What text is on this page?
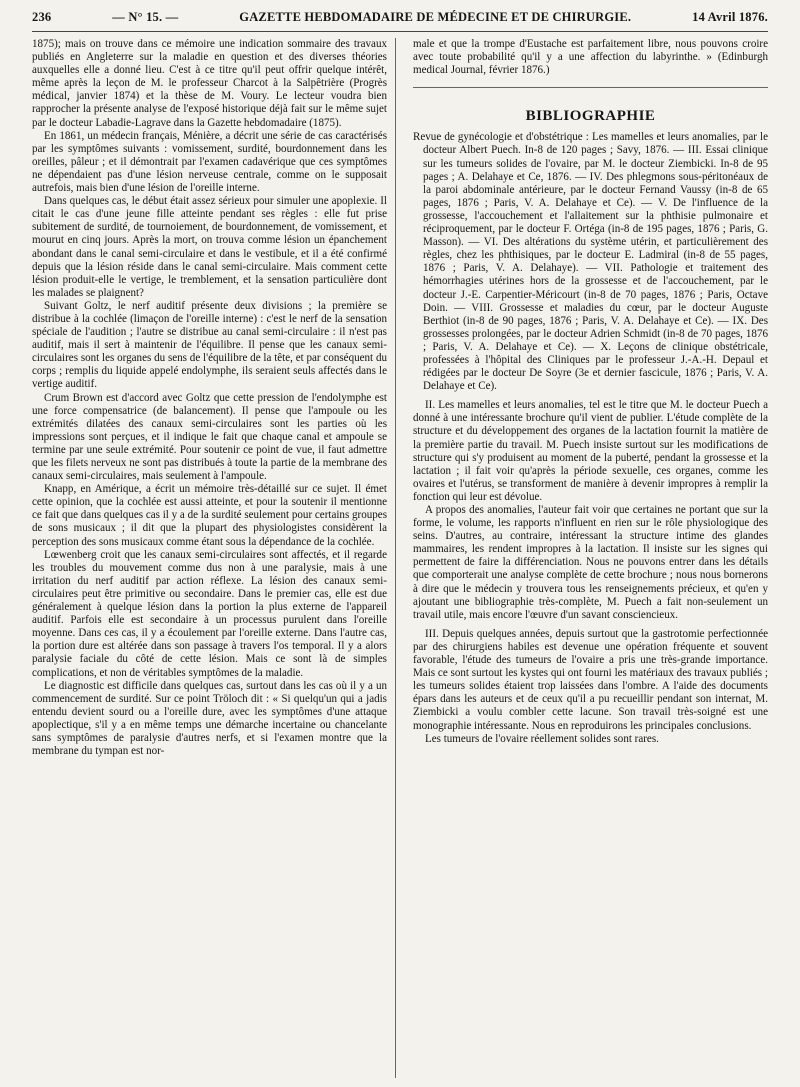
236	— N° 15. —	GAZETTE HEBDOMADAIRE DE MÉDECINE ET DE CHIRURGIE.	14 Avril 1876.

1875); mais on trouve dans ce mémoire une indication sommaire des travaux publiés en Angleterre sur la maladie en question et des diverses théories auxquelles elle a donné lieu. C'est à ce titre qu'il peut offrir quelque intérêt, même après la leçon de M. le professeur Charcot à la Salpêtrière (Progrès médical, janvier 1874) et la thèse de M. Voury. Le lecteur voudra bien rapprocher la présente analyse de l'exposé historique déjà fait sur le même sujet par le docteur Labadie-Lagrave dans la Gazette hebdomadaire (1875).

En 1861, un médecin français, Ménière, a décrit une série de cas caractérisés par les symptômes suivants : vomissement, surdité, bourdonnement dans les oreilles, pâleur ; et il démontrait par l'examen cadavérique que ces symptômes ne dépendaient pas d'une lésion nerveuse centrale, comme on le supposait autrefois, mais bien d'une lésion de l'oreille interne.

Dans quelques cas, le début était assez sérieux pour simuler une apoplexie. Il citait le cas d'une jeune fille atteinte pendant ses règles : elle fut prise subitement de surdité, de tournoiement, de bourdonnement, de vomissement, et mourut en cinq jours. Après la mort, on trouva comme lésion un épanchement abondant dans le canal semi-circulaire et dans le vestibule, et il a été confirmé depuis que la lésion réside dans le canal semi-circulaire. Mais comment cette lésion produit-elle le vertige, le tremblement, et la sensation particulière dont les malades se plaignent?

Suivant Goltz, le nerf auditif présente deux divisions ; la première se distribue à la cochlée (limaçon de l'oreille interne) : c'est le nerf de la sensation spéciale de l'audition ; l'autre se distribue au canal semi-circulaire : il n'est pas auditif, mais il sert à maintenir de l'équilibre. Il pense que les canaux semi-circulaires sont les organes du sens de l'équilibre de la tête, et par conséquent du corps ; remplis du liquide appelé endolymphe, ils seraient seuls affectés dans le vertige auditif.

Crum Brown est d'accord avec Goltz que cette pression de l'endolymphe est une force compensatrice (de balancement). Il pense que l'ampoule ou les extrémités dilatées des canaux semi-circulaires sont les parties où les impressions sont perçues, et il indique le fait que chaque canal et ampoule se termine par une seule extrémité. Pour soutenir ce point de vue, il faut admettre que les filets nerveux ne sont pas distribués à toute la partie de la membrane des canaux semi-circulaires, mais seulement à l'ampoule.

Knapp, en Amérique, a écrit un mémoire très-détaillé sur ce sujet. Il émet cette opinion, que la cochlée est aussi atteinte, et pour la soutenir il mentionne ce fait que dans quelques cas il y a de la surdité seulement pour certains groupes de sons musicaux ; il dit que la plupart des physiologistes considèrent la perception des sons musicaux comme étant sous la dépendance de la cochlée.

Lœwenberg croit que les canaux semi-circulaires sont affectés, et il regarde les troubles du mouvement comme dus non à une paralysie, mais à une irritation du nerf auditif par action réflexe. La lésion des canaux semi-circulaires peut être primitive ou secondaire. Dans le premier cas, elle est due généralement à quelque lésion dans la portion la plus externe de l'appareil auditif. Parfois elle est secondaire à un processus purulent dans l'oreille moyenne. Dans ces cas, il y a écoulement par l'oreille externe. Dans l'autre cas, la portion dure est altérée dans son passage à travers l'os temporal. Il y a alors paralysie faciale du côté de cette lésion. Mais ce sont là de simples complications, et non de véritables symptômes de la maladie.

Le diagnostic est difficile dans quelques cas, surtout dans les cas où il y a un commencement de surdité. Sur ce point Tröloch dit : « Si quelqu'un qui a jadis entendu devient sourd ou a l'oreille dure, avec les symptômes d'une attaque apoplectique, s'il y a en même temps une démarche incertaine ou chancelante sans symptômes de paralysie d'autres nerfs, et si l'examen montre que la membrane du tympan est nor-

male et que la trompe d'Eustache est parfaitement libre, nous pouvons croire avec toute probabilité qu'il y a une affection du labyrinthe. » (Edinburgh medical Journal, février 1876.)

BIBLIOGRAPHIE

Revue de gynécologie et d'obstétrique : Les mamelles et leurs anomalies, par le docteur Albert Puech. In-8 de 120 pages ; Savy, 1876. — III. Essai clinique sur les tumeurs solides de l'ovaire, par M. le docteur Ziembicki. In-8 de 95 pages ; A. Delahaye et Ce, 1876. — IV. Des phlegmons sous-péritonéaux de la paroi abdominale antérieure, par le docteur Fernand Vaussy (in-8 de 65 pages, 1876 ; Paris, V. A. Delahaye et Ce). — V. De l'influence de la grossesse, l'accouchement et l'allaitement sur la phthisie pulmonaire et réciproquement, par le docteur F. Ortéga (in-8 de 195 pages, 1876 ; Paris, G. Masson). — VI. Des altérations du système utérin, et particulièrement des règles, chez les phthisiques, par le docteur E. Ladmiral (in-8 de 55 pages, 1876 ; Paris, V. A. Delahaye). — VII. Pathologie et traitement des hémorrhagies utérines hors de la grossesse et de l'accouchement, par le docteur J.-E. Carpentier-Méricourt (in-8 de 70 pages, 1876 ; Paris, Octave Doin. — VIII. Grossesse et maladies du cœur, par le docteur Auguste Berthiot (in-8 de 90 pages, 1876 ; Paris, V. A. Delahaye et Ce). — IX. Des grossesses prolongées, par le docteur Adrien Schmidt (in-8 de 70 pages, 1876 ; Paris, V. A. Delahaye et Ce). — X. Leçons de clinique obstétricale, professées à l'hôpital des Cliniques par le professeur J.-A.-H. Depaul et rédigées par le docteur De Soyre (3e et dernier fascicule, 1876 ; Paris, V. A. Delahaye et Ce).

II. Les mamelles et leurs anomalies, tel est le titre que M. le docteur Puech a donné à une intéressante brochure qu'il vient de publier. L'étude complète de la structure et du développement des organes de la lactation fournit la matière de la première partie du travail. M. Puech insiste surtout sur les modifications de structure qui s'y produisent au moment de la puberté, pendant la grossesse et la lactation ; il fait voir qu'après la période sexuelle, ces organes, comme les ovaires et l'utérus, se transforment de manière à devenir impropres à remplir la fonction qui leur est dévolue.

A propos des anomalies, l'auteur fait voir que certaines ne portant que sur la forme, le volume, les rapports n'influent en rien sur le rôle physiologique des seins. D'autres, au contraire, intéressant la structure intime des glandes mammaires, les rendent impropres à la lactation. Il insiste sur les signes qui permettent de faire la différenciation. Nous ne pouvons entrer dans les détails que comporterait une analyse complète de cette brochure ; nous nous bornerons à dire que le médecin y trouvera tous les renseignements précieux, et qu'en y ajoutant une bibliographie très-complète, M. Puech a fait non-seulement un travail utile, mais encore l'œuvre d'un savant consciencieux.

III. Depuis quelques années, depuis surtout que la gastrotomie perfectionnée par des chirurgiens habiles est devenue une opération fréquente et souvent favorable, l'étude des tumeurs de l'ovaire a pris une très-grande importance. Mais ce sont surtout les kystes qui ont fourni les matériaux des travaux publiés ; les tumeurs solides étaient trop laissées dans l'ombre. A l'aide des documents épars dans les auteurs et de ceux qu'il a pu recueillir pendant son internat, M. Ziembicki a voulu combler cette lacune. Son travail très-soigné est une monographie intéressante. Nous en reproduirons les principales conclusions.

Les tumeurs de l'ovaire réellement solides sont rares.
